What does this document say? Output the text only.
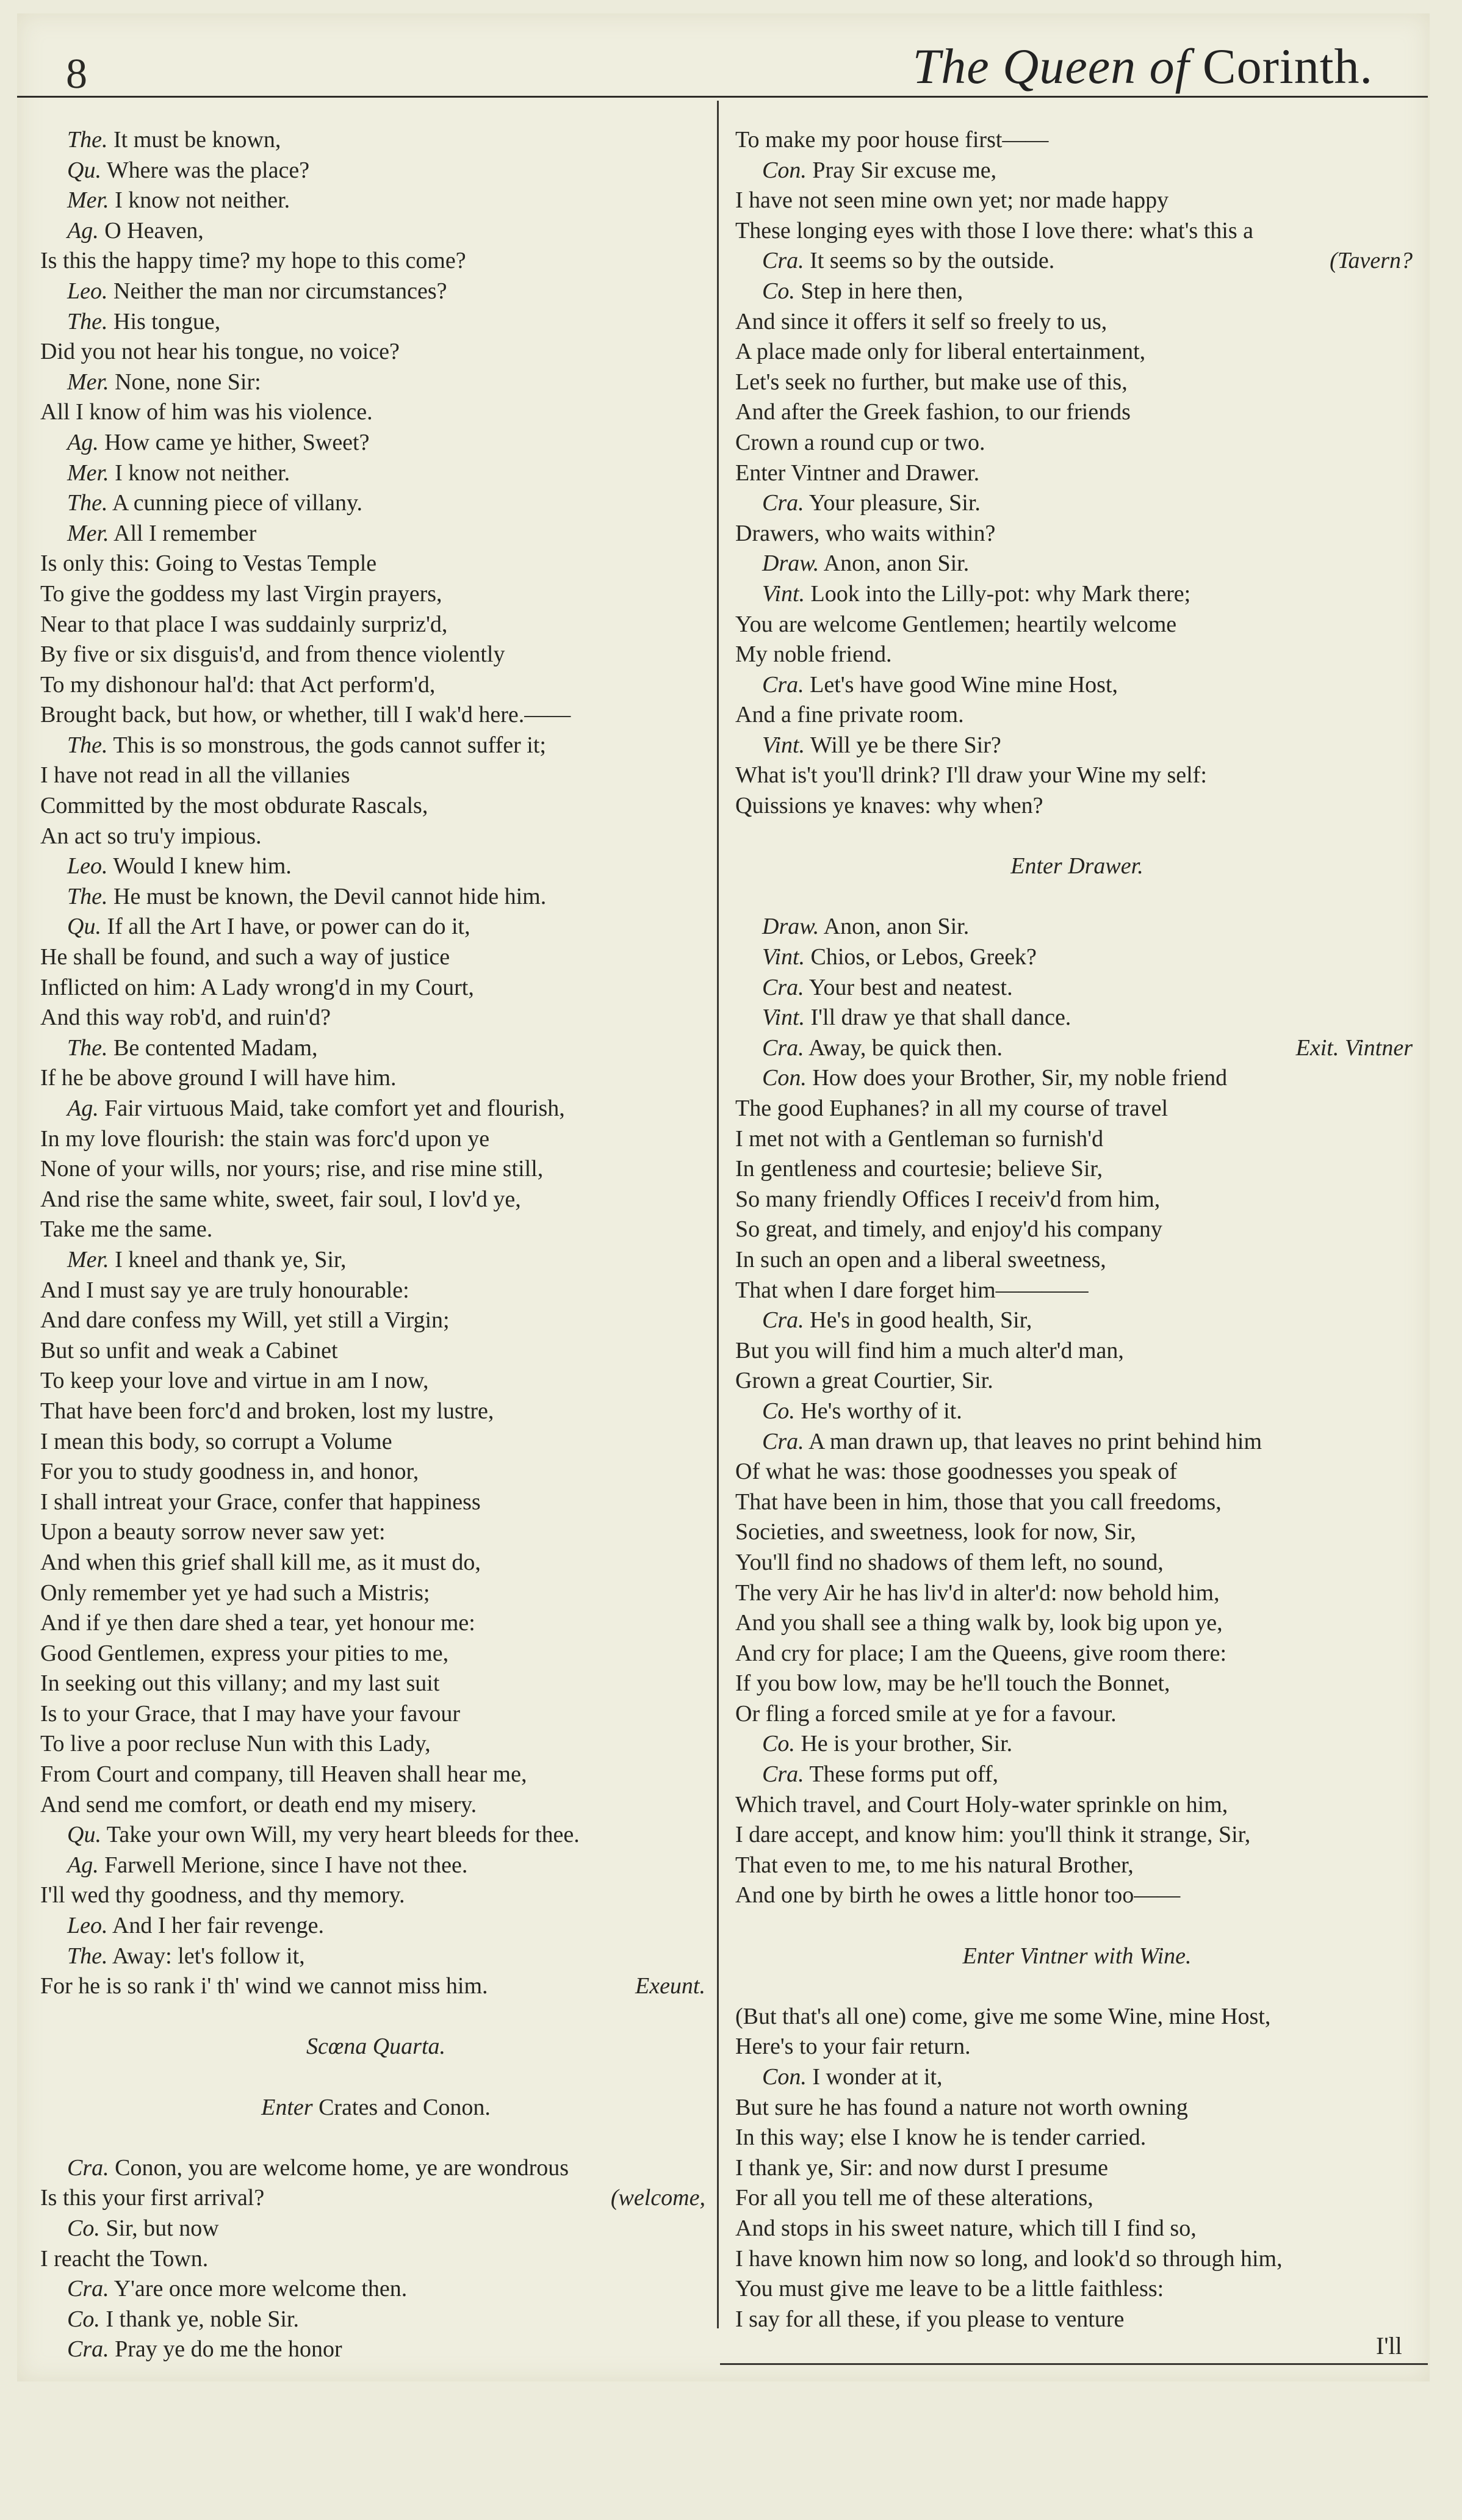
8	The Queen of Corinth.
The. It must be known,
Qu. Where was the place?
Mer. I know not neither.
Ag. O Heaven,
Is this the happy time? my hope to this come?
Leo. Neither the man nor circumstances?
The. His tongue,
Did you not hear his tongue, no voice?
Mer. None, none Sir:
All I know of him was his violence.
Ag. How came ye hither, Sweet?
Mer. I know not neither.
The. A cunning piece of villany.
Mer. All I remember
Is only this: Going to Vestas Temple
To give the goddess my last Virgin prayers,
Near to that place I was suddainly surpriz'd,
By five or six disguis'd, and from thence violently
To my dishonour hal'd: that Act perform'd,
Brought back, but how, or whether, till I wak'd here.——
The. This is so monstrous, the gods cannot suffer it;
I have not read in all the villanies
Committed by the most obdurate Rascals,
An act so tru'y impious.
Leo. Would I knew him.
The. He must be known, the Devil cannot hide him.
Qu. If all the Art I have, or power can do it,
He shall be found, and such a way of justice
Inflicted on him: A Lady wrong'd in my Court,
And this way rob'd, and ruin'd?
The. Be contented Madam,
If he be above ground I will have him.
Ag. Fair virtuous Maid, take comfort yet and flourish,
In my love flourish: the stain was forc'd upon ye
None of your wills, nor yours; rise, and rise mine still,
And rise the same white, sweet, fair soul, I lov'd ye,
Take me the same.
Mer. I kneel and thank ye, Sir,
And I must say ye are truly honourable:
And dare confess my Will, yet still a Virgin;
But so unfit and weak a Cabinet
To keep your love and virtue in am I now,
That have been forc'd and broken, lost my lustre,
I mean this body, so corrupt a Volume
For you to study goodness in, and honor,
I shall intreat your Grace, confer that happiness
Upon a beauty sorrow never saw yet:
And when this grief shall kill me, as it must do,
Only remember yet ye had such a Mistris;
And if ye then dare shed a tear, yet honour me:
Good Gentlemen, express your pities to me,
In seeking out this villany; and my last suit
Is to your Grace, that I may have your favour
To live a poor recluse Nun with this Lady,
From Court and company, till Heaven shall hear me,
And send me comfort, or death end my misery.
Qu. Take your own Will, my very heart bleeds for thee.
Ag. Farwell Merione, since I have not thee.
I'll wed thy goodness, and thy memory.
Leo. And I her fair revenge.
The. Away: let's follow it,
For he is so rank i' th' wind we cannot miss him.	Exeunt.
Scœna Quarta.
Enter Crates and Conon.
Cra. Conon, you are welcome home, ye are wondrous
Is this your first arrival?	(welcome,
Co. Sir, but now
I reacht the Town.
Cra. Y'are once more welcome then.
Co. I thank ye, noble Sir.
Cra. Pray ye do me the honor
To make my poor house first——
Con. Pray Sir excuse me,
I have not seen mine own yet; nor made happy
These longing eyes with those I love there: what's this a
Cra. It seems so by the outside.	(Tavern?
Co. Step in here then,
And since it offers it self so freely to us,
A place made only for liberal entertainment,
Let's seek no further, but make use of this,
And after the Greek fashion, to our friends
Crown a round cup or two.
Enter Vintner and Drawer.
Cra. Your pleasure, Sir.
Drawers, who waits within?
Draw. Anon, anon Sir.
Vint. Look into the Lilly-pot: why Mark there;
You are welcome Gentlemen; heartily welcome
My noble friend.
Cra. Let's have good Wine mine Host,
And a fine private room.
Vint. Will ye be there Sir?
What is't you'll drink? I'll draw your Wine my self:
Quissions ye knaves: why when?
Enter Drawer.
Draw. Anon, anon Sir.
Vint. Chios, or Lebos, Greek?
Cra. Your best and neatest.
Vint. I'll draw ye that shall dance.
Cra. Away, be quick then.	Exit. Vintner
Con. How does your Brother, Sir, my noble friend
The good Euphanes? in all my course of travel
I met not with a Gentleman so furnish'd
In gentleness and courtesie; believe Sir,
So many friendly Offices I receiv'd from him,
So great, and timely, and enjoy'd his company
In such an open and a liberal sweetness,
That when I dare forget him————
Cra. He's in good health, Sir,
But you will find him a much alter'd man,
Grown a great Courtier, Sir.
Co. He's worthy of it.
Cra. A man drawn up, that leaves no print behind him
Of what he was: those goodnesses you speak of
That have been in him, those that you call freedoms,
Societies, and sweetness, look for now, Sir,
You'll find no shadows of them left, no sound,
The very Air he has liv'd in alter'd: now behold him,
And you shall see a thing walk by, look big upon ye,
And cry for place; I am the Queens, give room there:
If you bow low, may be he'll touch the Bonnet,
Or fling a forced smile at ye for a favour.
Co. He is your brother, Sir.
Cra. These forms put off,
Which travel, and Court Holy-water sprinkle on him,
I dare accept, and know him: you'll think it strange, Sir,
That even to me, to me his natural Brother,
And one by birth he owes a little honor too——
Enter Vintner with Wine.
(But that's all one) come, give me some Wine, mine Host,
Here's to your fair return.
Con. I wonder at it,
But sure he has found a nature not worth owning
In this way; else I know he is tender carried.
I thank ye, Sir: and now durst I presume
For all you tell me of these alterations,
And stops in his sweet nature, which till I find so,
I have known him now so long, and look'd so through him,
You must give me leave to be a little faithless:
I say for all these, if you please to venture
I'll
